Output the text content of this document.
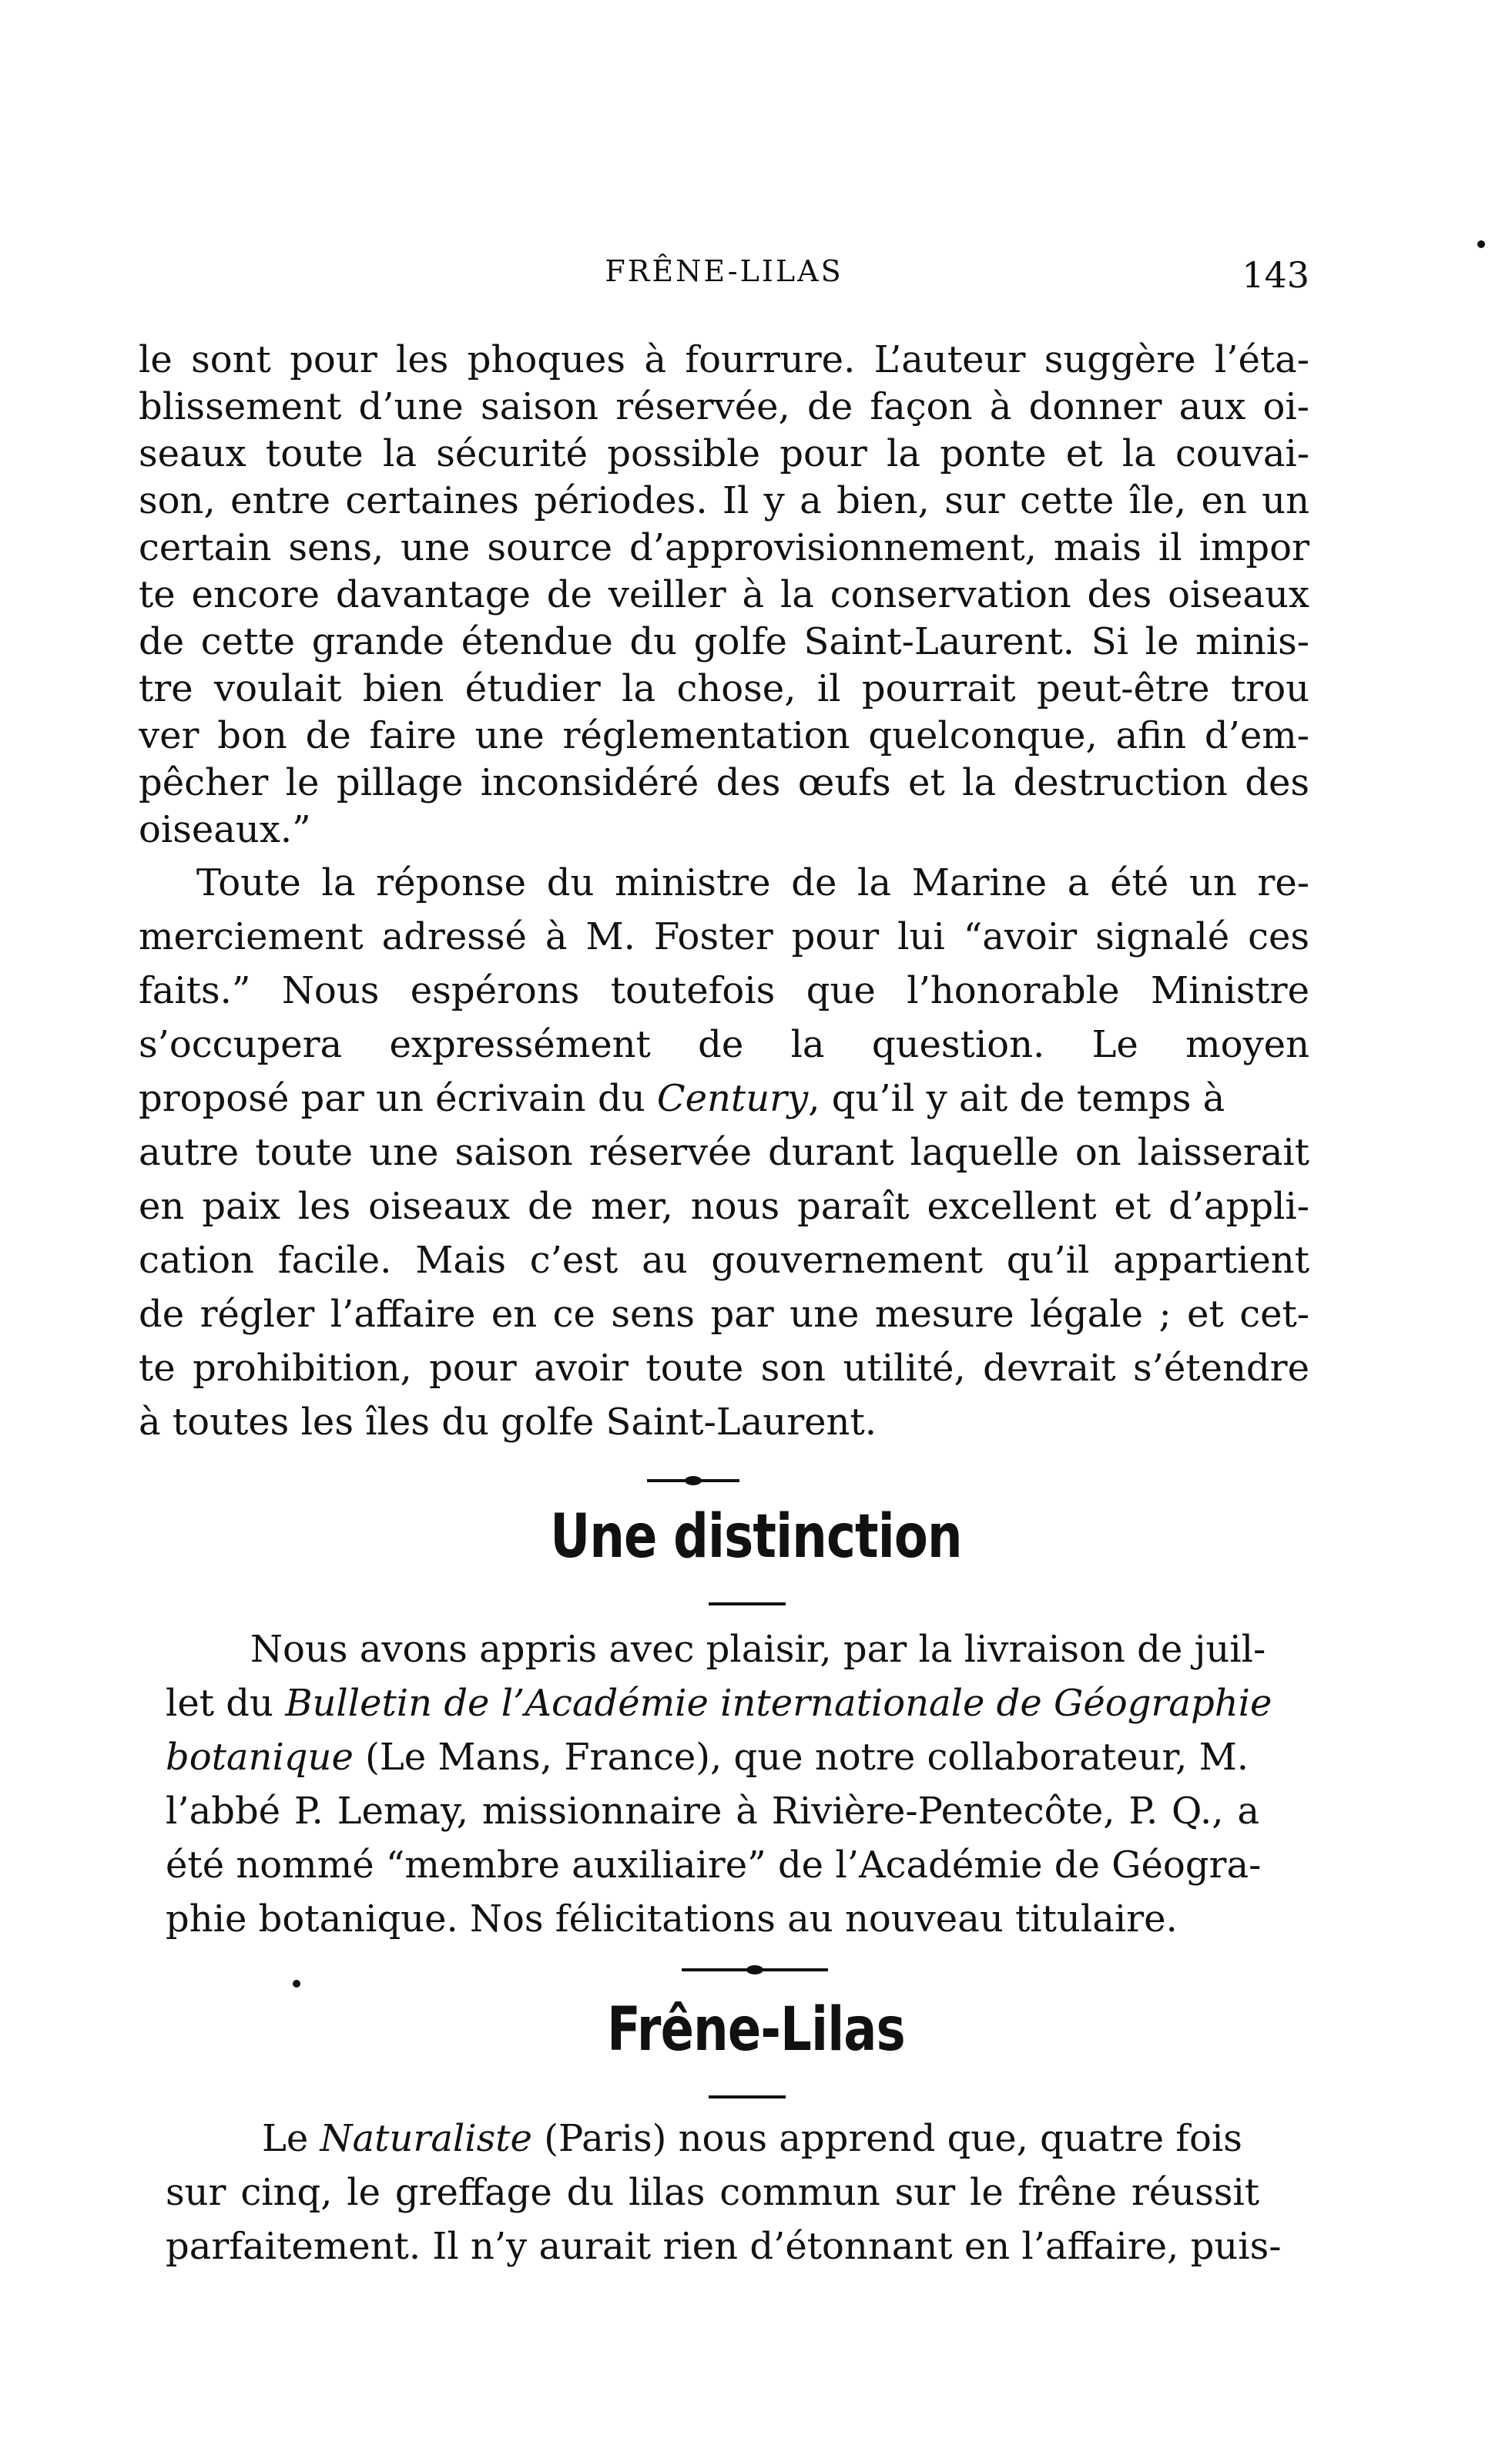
FRÊNE-LILAS	143
le sont pour les phoques à fourrure. L’auteur suggère l’éta-
blissement d’une saison réservée, de façon à donner aux oi-
seaux toute la sécurité possible pour la ponte et la couvai-
son, entre certaines périodes. Il y a bien, sur cette île, en un
certain sens, une source d’approvisionnement, mais il impor
te encore davantage de veiller à la conservation des oiseaux
de cette grande étendue du golfe Saint-Laurent. Si le minis-
tre voulait bien étudier la chose, il pourrait peut-être trou
ver bon de faire une réglementation quelconque, afin d’em-
pêcher le pillage inconsidéré des œufs et la destruction des
oiseaux.”
Toute la réponse du ministre de la Marine a été un re-
merciement adressé à M. Foster pour lui “avoir signalé ces
faits.” Nous espérons toutefois que l’honorable Ministre
s’occupera expressément de la question. Le moyen
proposé par un écrivain du Century, qu’il y ait de temps à
autre toute une saison réservée durant laquelle on laisserait
en paix les oiseaux de mer, nous paraît excellent et d’appli-
cation facile. Mais c’est au gouvernement qu’il appartient
de régler l’affaire en ce sens par une mesure légale ; et cet-
te prohibition, pour avoir toute son utilité, devrait s’étendre
à toutes les îles du golfe Saint-Laurent.
Une distinction
Nous avons appris avec plaisir, par la livraison de juil-
let du Bulletin de l’Académie internationale de Géographie
botanique (Le Mans, France), que notre collaborateur, M.
l’abbé P. Lemay, missionnaire à Rivière-Pentecôte, P. Q., a
été nommé “membre auxiliaire” de l’Académie de Géogra-
phie botanique. Nos félicitations au nouveau titulaire.
Frêne-Lilas
Le Naturaliste (Paris) nous apprend que, quatre fois
sur cinq, le greffage du lilas commun sur le frêne réussit
parfaitement. Il n’y aurait rien d’étonnant en l’affaire, puis-
